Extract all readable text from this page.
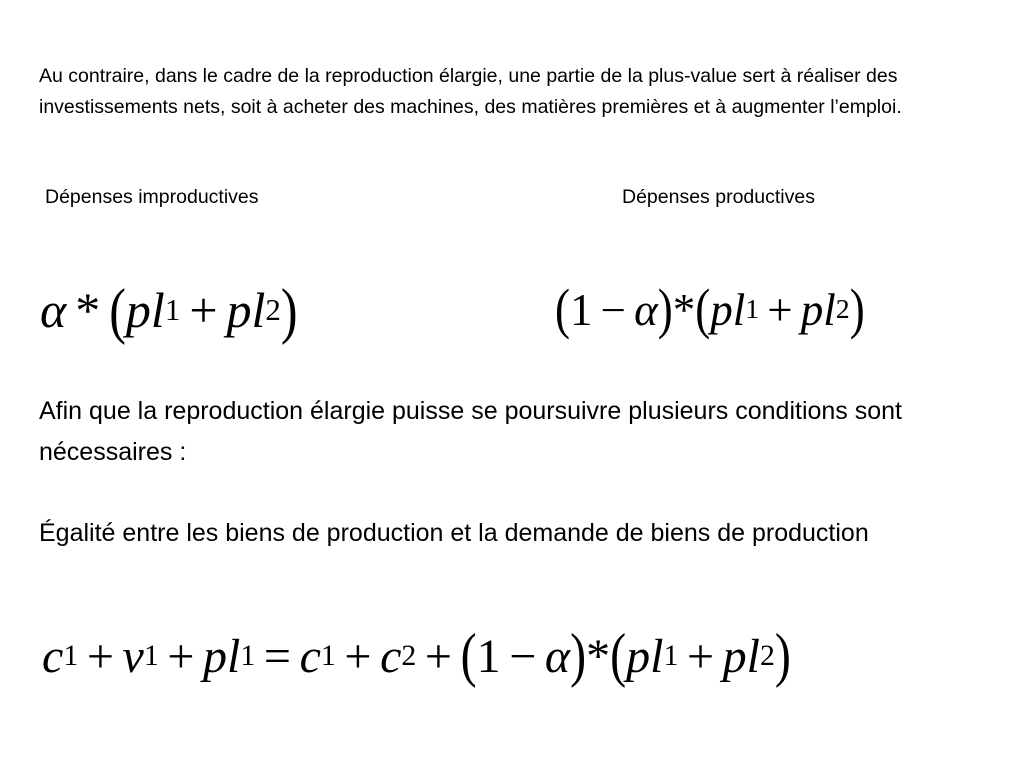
Au contraire, dans le cadre de la reproduction élargie, une partie de la plus-value sert à réaliser des investissements nets, soit à acheter des machines, des matières premières et à augmenter l’emploi.

Dépenses improductives	Dépenses productives

α * ( pl 1 + pl 2 )	( 1 − α ) * ( pl 1 + pl 2 )

Afin que la reproduction élargie puisse se poursuivre plusieurs conditions sont nécessaires :

Égalité entre les biens de production et la demande de biens de production

c 1 + v 1 + pl 1 = c 1 + c 2 + ( 1 − α ) * ( pl 1 + pl 2 )
